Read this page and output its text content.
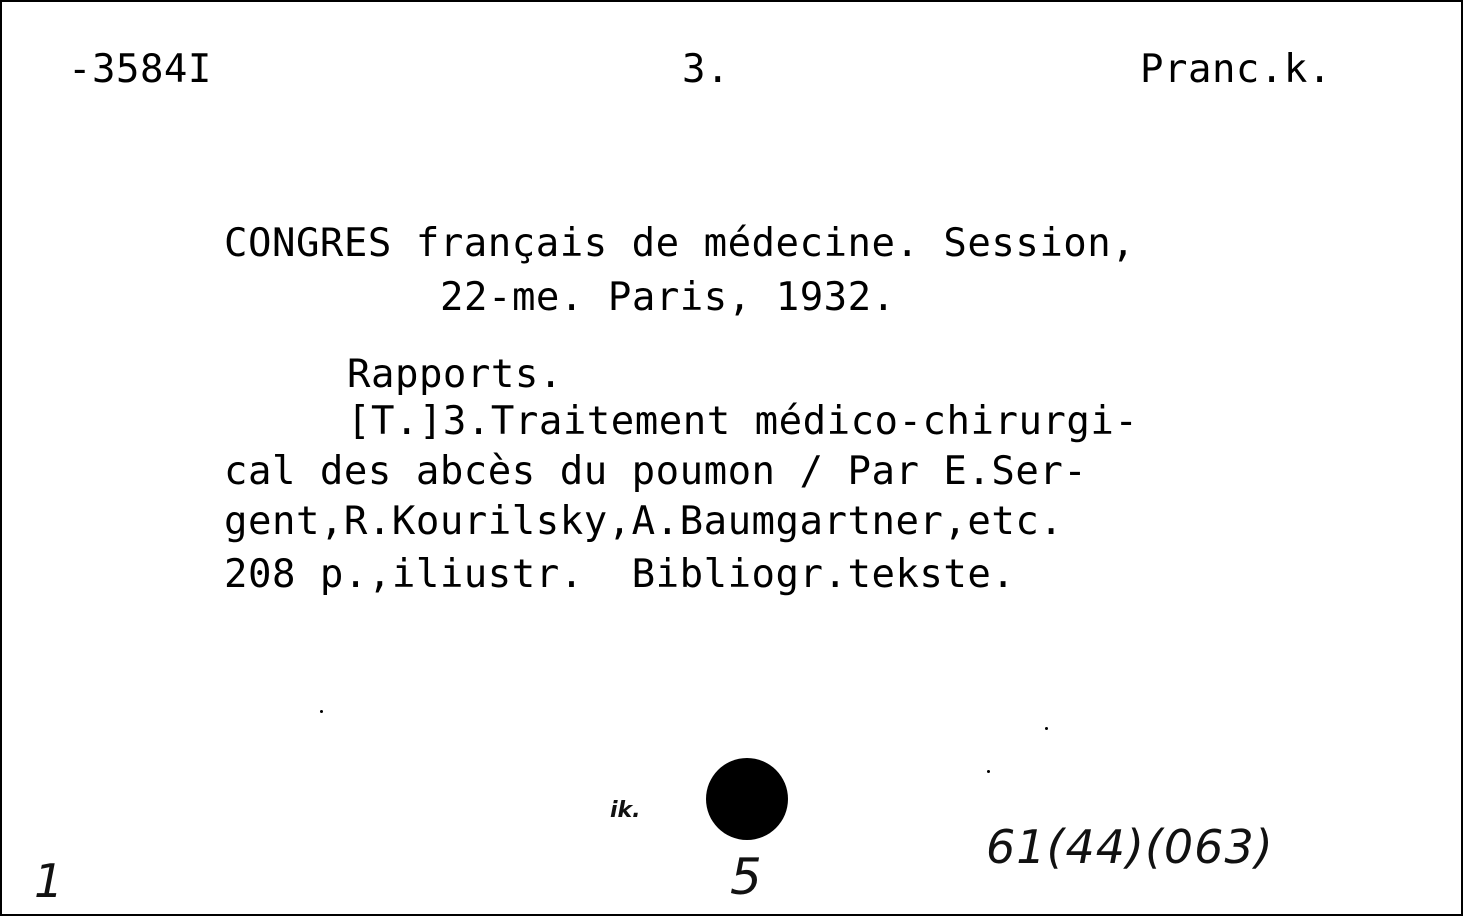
-3584I	3.	Pranc.k.
CONGRES français de médecine. Session,
22-me. Paris, 1932.
Rapports.
[T.]3.Traitement médico-chirurgi-
cal des abcès du poumon / Par E.Ser-
gent,R.Kourilsky,A.Baumgartner,etc.
208 p.,iliustr.  Bibliogr.tekste.
1
ik.
5
61(44)(063)
